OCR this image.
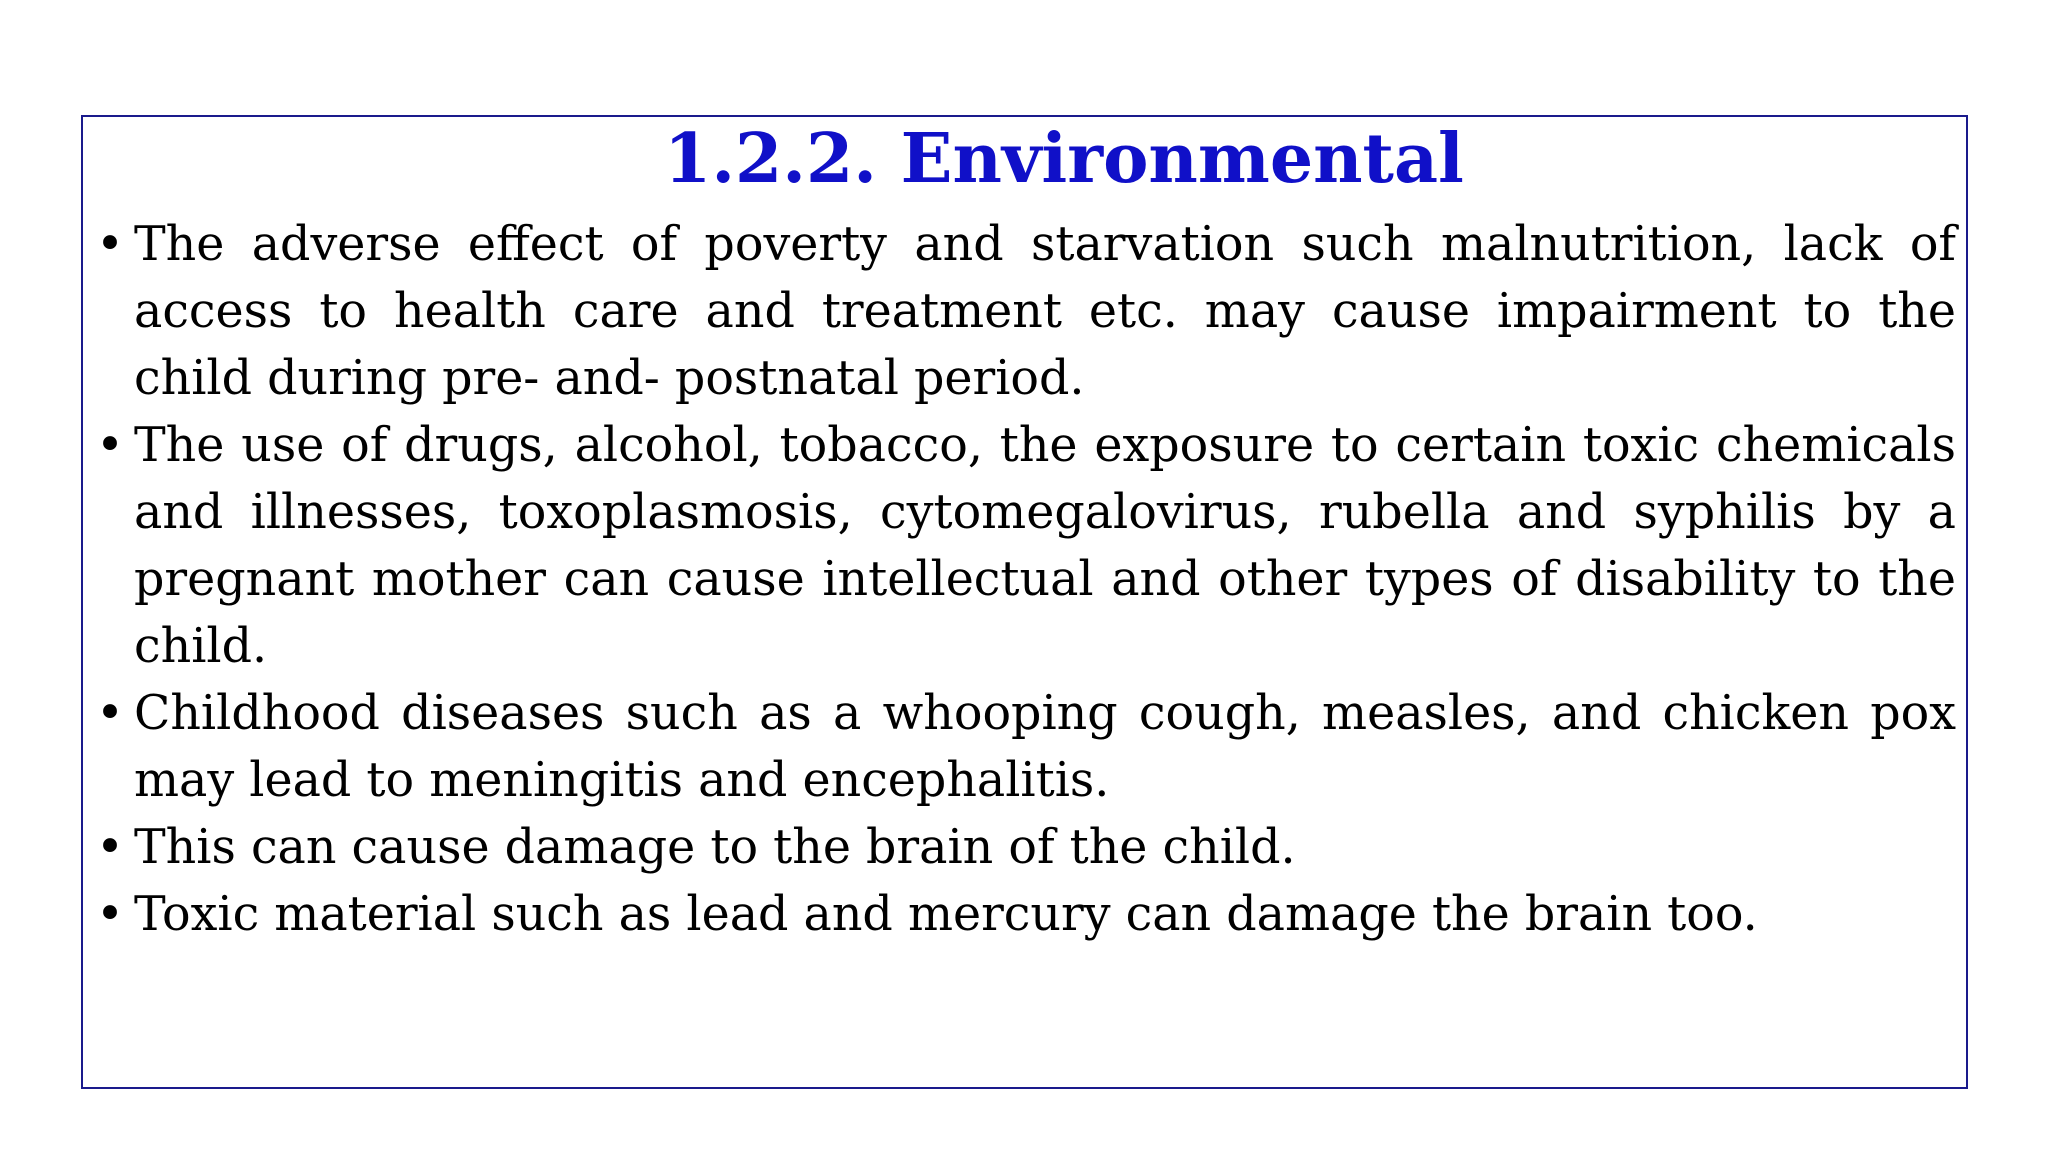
1.2.2. Environmental
• The adverse effect of poverty and starvation such malnutrition, lack of access to health care and treatment etc. may cause impairment to the child during pre- and- postnatal period.
• The use of drugs, alcohol, tobacco, the exposure to certain toxic chemicals and illnesses, toxoplasmosis, cytomegalovirus, rubella and syphilis by a pregnant mother can cause intellectual and other types of disability to the child.
• Childhood diseases such as a whooping cough, measles, and chicken pox may lead to meningitis and encephalitis.
• This can cause damage to the brain of the child.
• Toxic material such as lead and mercury can damage the brain too.
